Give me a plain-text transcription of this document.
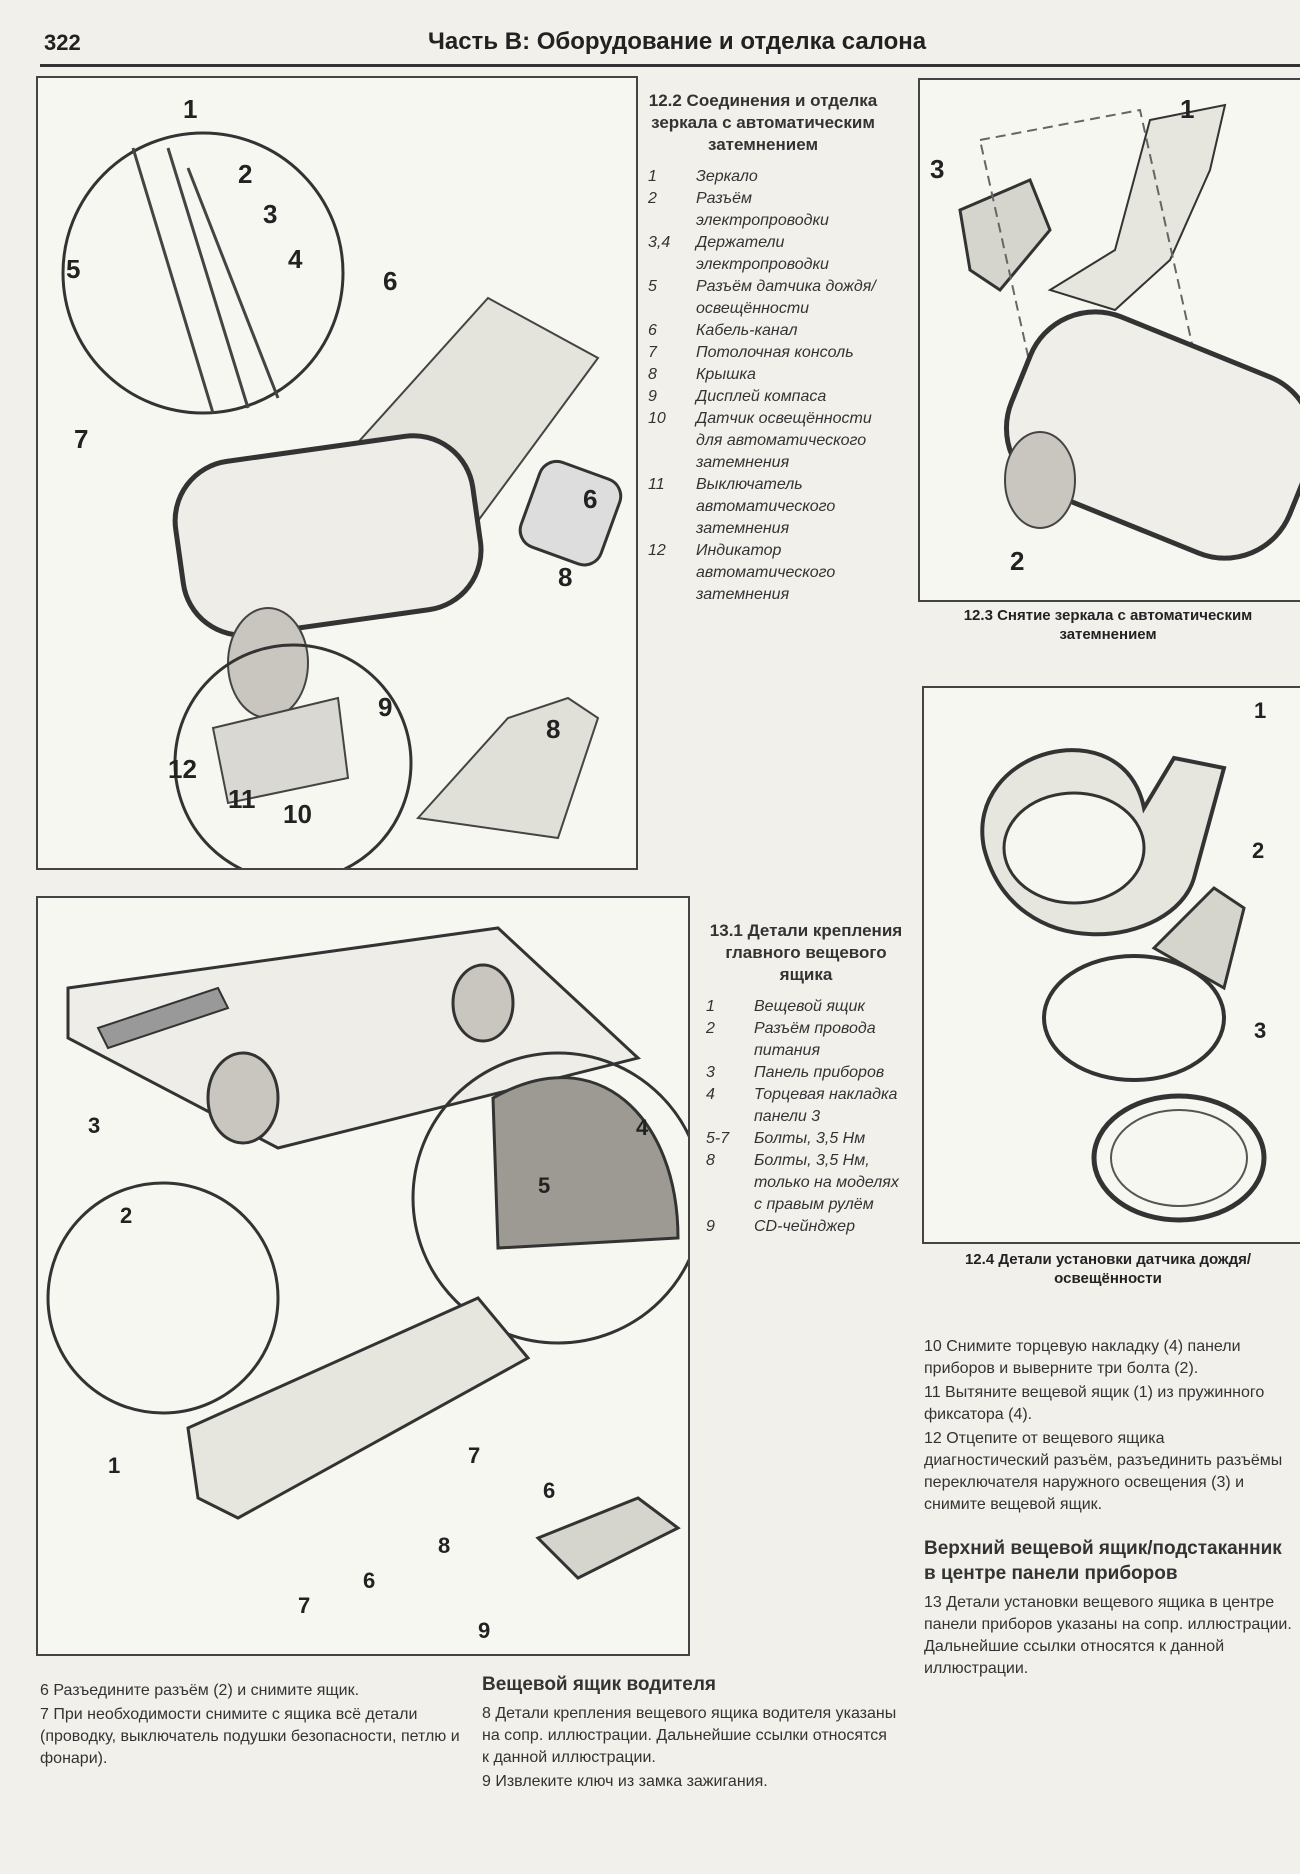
322	Часть В: Оборудование и отделка салона
1
2
3
4
5	6
7
6
8
9
8
12
11 10
12.2 Соединения и отделка зеркала с автоматическим затемнением
1	Зеркало
2	Разъём электропроводки
3,4	Держатели электропроводки
5	Разъём датчика дождя/освещённости
6	Кабель-канал
7	Потолочная консоль
8	Крышка
9	Дисплей компаса
10	Датчик освещённости для автоматического затемнения
11	Выключатель автоматического затемнения
12	Индикатор автоматического затемнения
1
3
2
12.3 Снятие зеркала с автоматическим затемнением
1
2
3
12.4 Детали установки датчика дождя/освещённости
3
2
4
5
1	7
6
6
8
7
9
13.1 Детали крепления главного вещевого ящика
1	Вещевой ящик
2	Разъём провода питания
3	Панель приборов
4	Торцевая накладка панели 3
5-7	Болты, 3,5 Нм
8	Болты, 3,5 Нм, только на моделях с правым рулём
9	CD-чейнджер

10 Снимите торцевую накладку (4) панели приборов и выверните три болта (2).

11 Вытяните вещевой ящик (1) из пружинного фиксатора (4).

12 Отцепите от вещевого ящика диагностический разъём, разъединить разъёмы переключателя наружного освещения (3) и снимите вещевой ящик.

Верхний вещевой ящик/подстаканник в центре панели приборов

13 Детали установки вещевого ящика в центре панели приборов указаны на сопр. иллюстрации. Дальнейшие ссылки относятся к данной иллюстрации.

6 Разъедините разъём (2) и снимите ящик.

7 При необходимости снимите с ящика всё детали (проводку, выключатель подушки безопасности, петлю и фонари).

Вещевой ящик водителя

8 Детали крепления вещевого ящика водителя указаны на сопр. иллюстрации. Дальнейшие ссылки относятся к данной иллюстрации.

9 Извлеките ключ из замка зажигания.
